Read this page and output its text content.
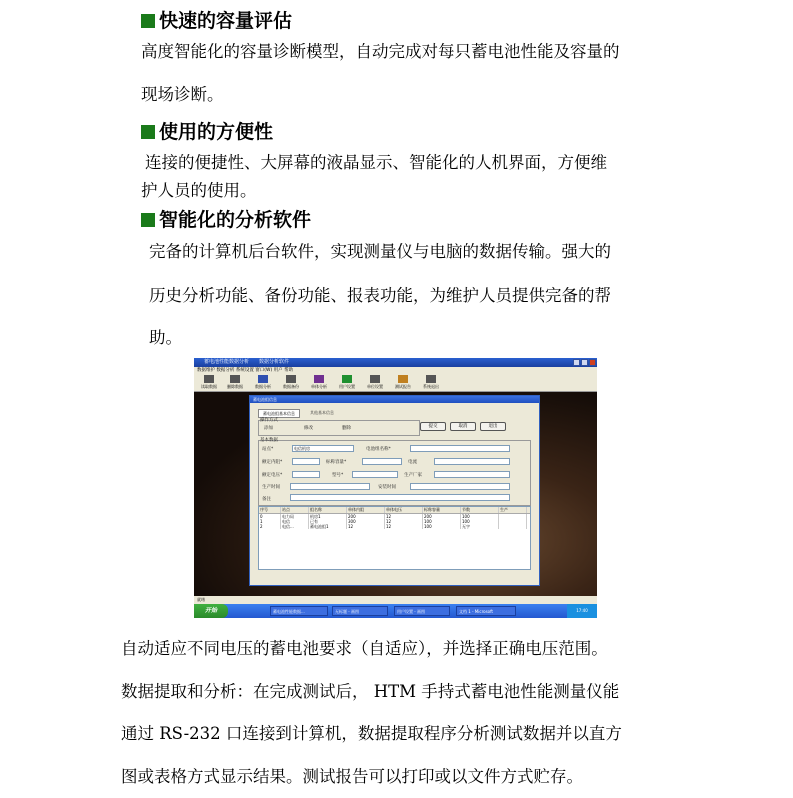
快速的容量评估
高度智能化的容量诊断模型，自动完成对每只蓄电池性能及容量的
现场诊断。
使用的方便性
连接的便捷性、大屏幕的液晶显示、智能化的人机界面，方便维
护人员的使用。
智能化的分析软件
完备的计算机后台软件，实现测量仪与电脑的数据传输。强大的
历史分析功能、备份功能、报表功能，为维护人员提供完备的帮
助。
蓄电池性能数据分析　　数据分析软件
数据维护 数据分析 系统设置 窗口(W) 用户 帮助
读取数据	删除数据	数据分析	数据备份	单体分析	用户设置	单位设置	测试报告	系统退出
蓄电池组信息
蓄电池组基本信息	其他基本信息
操作方式
添加	修改	删除	提交	取消	退出
基本数据
站点*	电信机房	电池组名称*
额定内阻*	标称容量*	电流
额定电压*	型号*	生产厂家
生产时间	安装时间
备注
序号	站点	组名称	单体内阻	单体电压	标称容量	节数	生产
0	电力局	机房1	200	12	200	100
1	电信	已有	300	12	100	100
2	电信...	蓄电池组1	12	12	100	无字
就绪
开始	蓄电池性能数据...	无标题 - 画图	用户设置 - 画图	文档 1 - Microsoft	17:40
自动适应不同电压的蓄电池要求（自适应），并选择正确电压范围。
数据提取和分析：在完成测试后， HTM 手持式蓄电池性能测量仪能
通过 RS-232 口连接到计算机，数据提取程序分析测试数据并以直方
图或表格方式显示结果。测试报告可以打印或以文件方式贮存。
